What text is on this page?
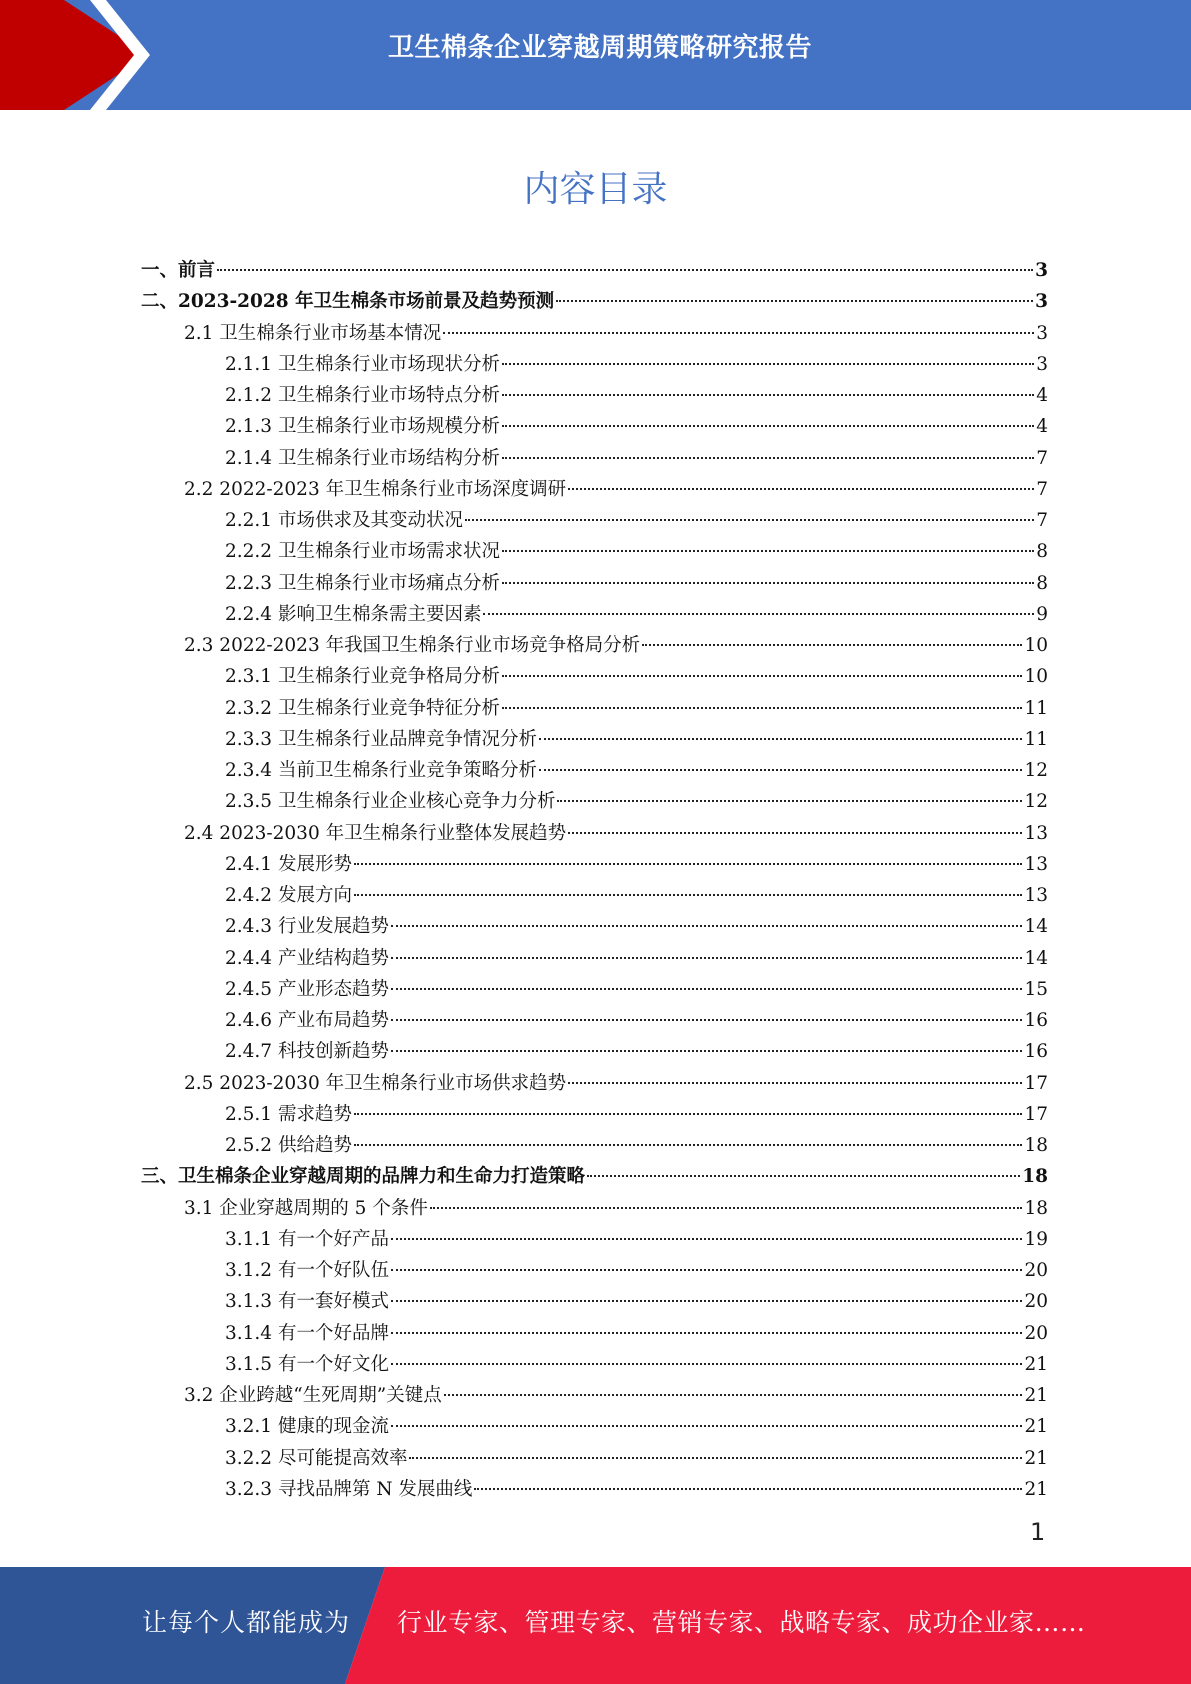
卫生棉条企业穿越周期策略研究报告
内容目录
一、前言	3
二、2023-2028 年卫生棉条市场前景及趋势预测	3
2.1 卫生棉条行业市场基本情况	3
2.1.1 卫生棉条行业市场现状分析	3
2.1.2 卫生棉条行业市场特点分析	4
2.1.3 卫生棉条行业市场规模分析	4
2.1.4 卫生棉条行业市场结构分析	7
2.2 2022-2023 年卫生棉条行业市场深度调研	7
2.2.1 市场供求及其变动状况	7
2.2.2 卫生棉条行业市场需求状况	8
2.2.3 卫生棉条行业市场痛点分析	8
2.2.4 影响卫生棉条需主要因素	9
2.3 2022-2023 年我国卫生棉条行业市场竞争格局分析	10
2.3.1 卫生棉条行业竞争格局分析	10
2.3.2 卫生棉条行业竞争特征分析	11
2.3.3 卫生棉条行业品牌竞争情况分析	11
2.3.4 当前卫生棉条行业竞争策略分析	12
2.3.5 卫生棉条行业企业核心竞争力分析	12
2.4 2023-2030 年卫生棉条行业整体发展趋势	13
2.4.1 发展形势	13
2.4.2 发展方向	13
2.4.3 行业发展趋势	14
2.4.4 产业结构趋势	14
2.4.5 产业形态趋势	15
2.4.6 产业布局趋势	16
2.4.7 科技创新趋势	16
2.5 2023-2030 年卫生棉条行业市场供求趋势	17
2.5.1 需求趋势	17
2.5.2 供给趋势	18
三、卫生棉条企业穿越周期的品牌力和生命力打造策略	18
3.1 企业穿越周期的 5 个条件	18
3.1.1 有一个好产品	19
3.1.2 有一个好队伍	20
3.1.3 有一套好模式	20
3.1.4 有一个好品牌	20
3.1.5 有一个好文化	21
3.2 企业跨越“生死周期”关键点	21
3.2.1 健康的现金流	21
3.2.2 尽可能提高效率	21
3.2.3 寻找品牌第 N 发展曲线	21
1
让每个人都能成为 行业专家、管理专家、营销专家、战略专家、成功企业家……
